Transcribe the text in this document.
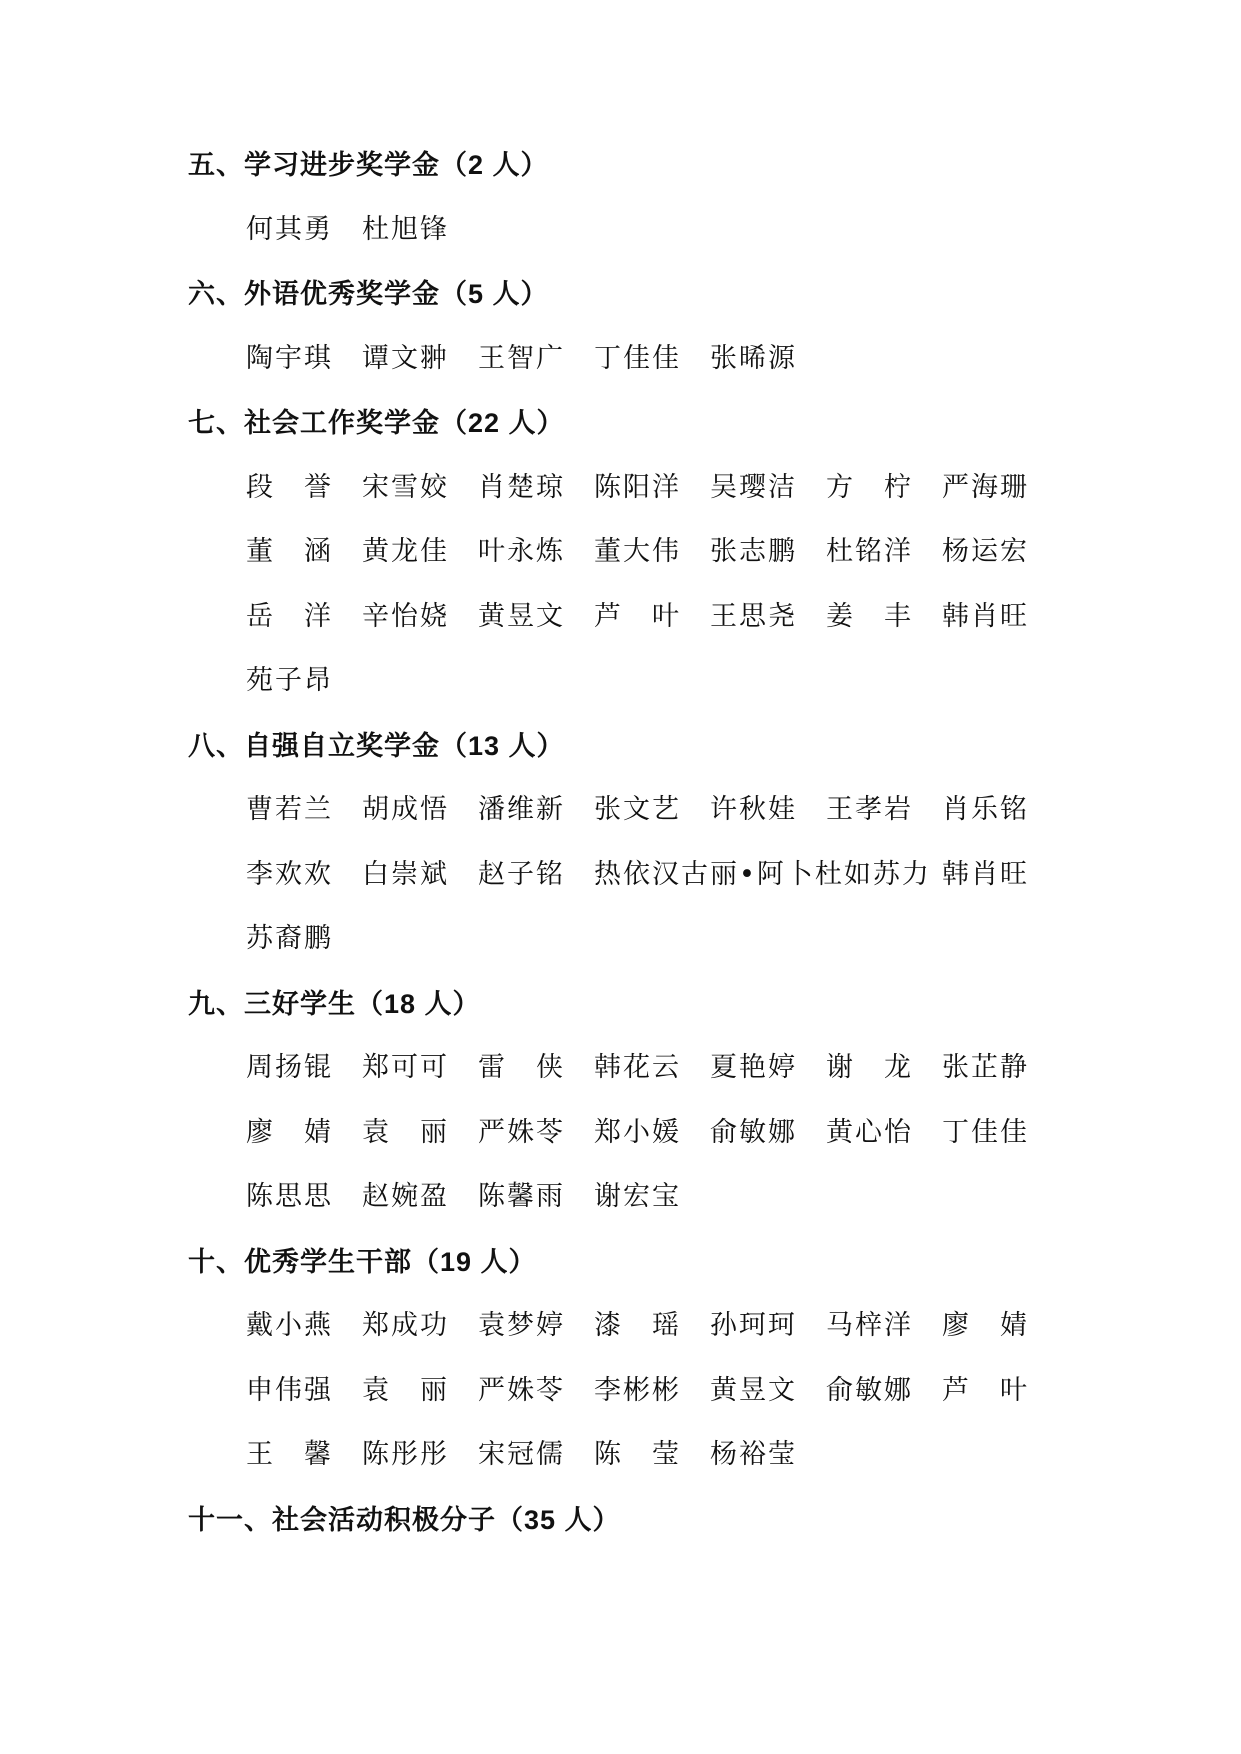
五、学习进步奖学金（2 人）
何其勇 杜旭锋
六、外语优秀奖学金（5 人）
陶宇琪 谭文翀 王智广 丁佳佳 张晞源
七、社会工作奖学金（22 人）
段　誉 宋雪姣 肖楚琼 陈阳洋 吴璎洁 方　柠 严海珊
董　涵 黄龙佳 叶永炼 董大伟 张志鹏 杜铭洋 杨运宏
岳　洋 辛怡娆 黄昱文 芦　叶 王思尧 姜　丰 韩肖旺
苑子昂
八、自强自立奖学金（13 人）
曹若兰 胡成悟 潘维新 张文艺 许秋娃 王孝岩 肖乐铭
李欢欢 白崇斌 赵子铭 热依汉古丽•阿卜杜如苏力 韩肖旺
苏裔鹏
九、三好学生（18 人）
周扬锟 郑可可 雷　侠 韩花云 夏艳婷 谢　龙 张芷静
廖　婧 袁　丽 严姝苓 郑小媛 俞敏娜 黄心怡 丁佳佳
陈思思 赵婉盈 陈馨雨 谢宏宝
十、优秀学生干部（19 人）
戴小燕 郑成功 袁梦婷 漆　瑶 孙珂珂 马梓洋 廖　婧
申伟强 袁　丽 严姝苓 李彬彬 黄昱文 俞敏娜 芦　叶
王　馨 陈彤彤 宋冠儒 陈　莹 杨裕莹
十一、社会活动积极分子（35 人）
